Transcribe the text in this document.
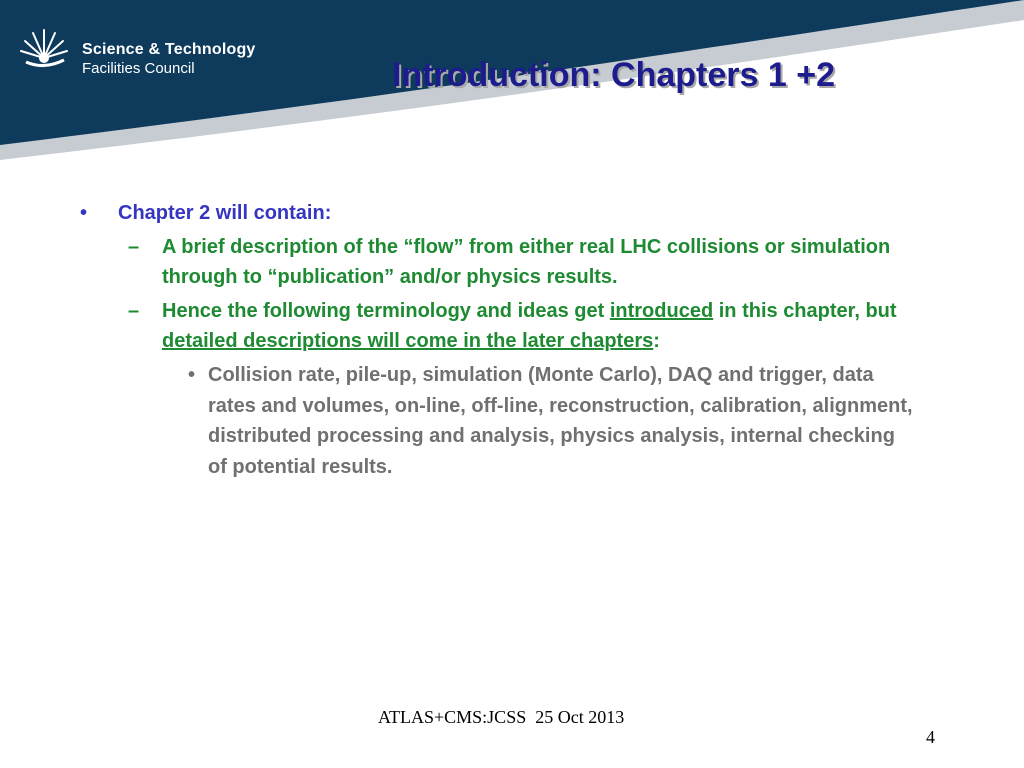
Science & Technology
Facilities Council	Introduction: Chapters 1 +2
• Chapter 2 will contain:
– A brief description of the “flow” from either real LHC collisions or simulation through to “publication” and/or physics results.
– Hence the following terminology and ideas get introduced in this chapter, but detailed descriptions will come in the later chapters:
• Collision rate, pile-up, simulation (Monte Carlo), DAQ and trigger, data rates and volumes, on-line, off-line, reconstruction, calibration, alignment, distributed processing and analysis, physics analysis, internal checking of potential results.
ATLAS+CMS:JCSS  25 Oct 2013
4
